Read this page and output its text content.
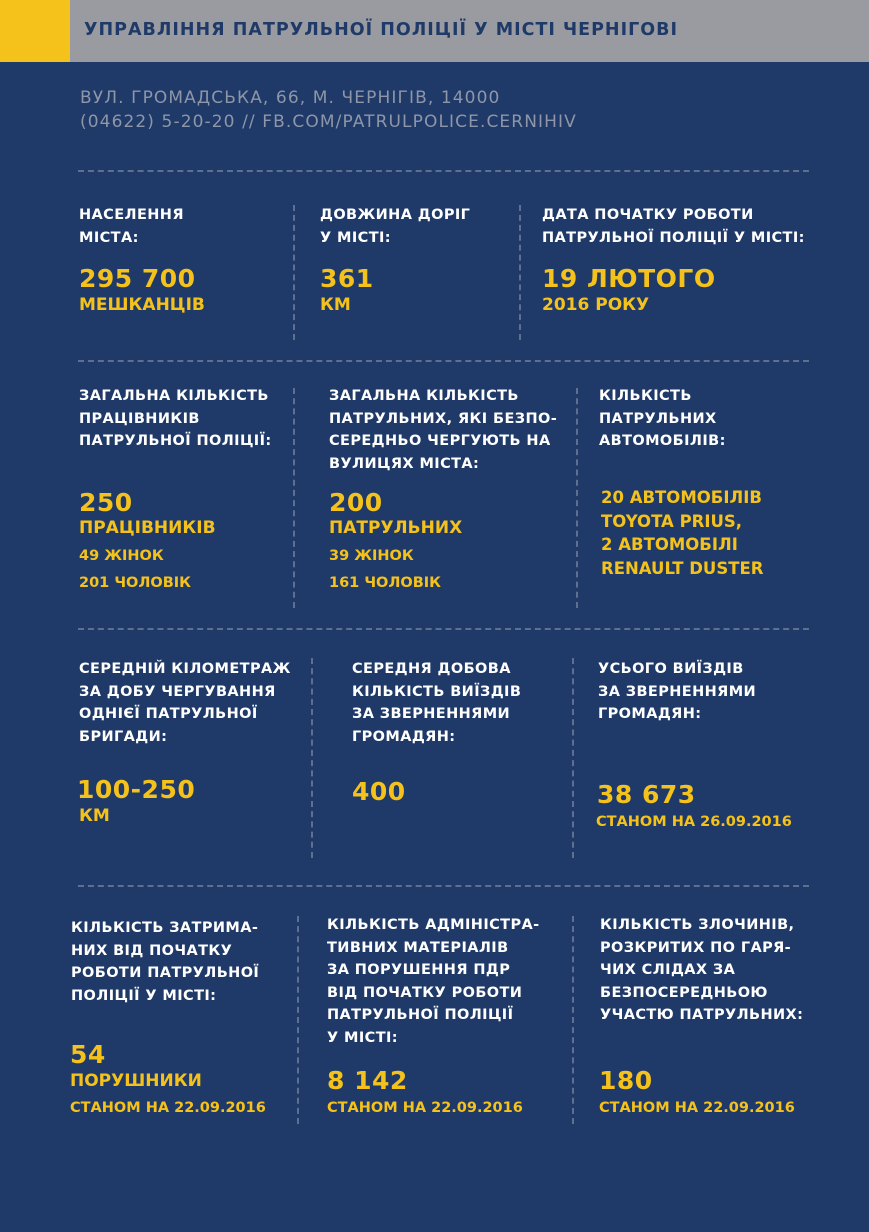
УПРАВЛІННЯ ПАТРУЛЬНОЇ ПОЛІЦІЇ У МІСТІ ЧЕРНІГОВІ
ВУЛ. ГРОМАДСЬКА, 66, М. ЧЕРНІГІВ, 14000
(04622) 5-20-20 // FB.COM/PATRULPOLICE.CERNIHIV
НАСЕЛЕННЯ
МІСТА:
295 700
МЕШКАНЦІВ
ДОВЖИНА ДОРІГ
У МІСТІ:
361
КМ
ДАТА ПОЧАТКУ РОБОТИ
ПАТРУЛЬНОЇ ПОЛІЦІЇ У МІСТІ:
19 ЛЮТОГО
2016 РОКУ
ЗАГАЛЬНА КІЛЬКІСТЬ
ПРАЦІВНИКІВ
ПАТРУЛЬНОЇ ПОЛІЦІЇ:
250
ПРАЦІВНИКІВ
49 ЖІНОК
201 ЧОЛОВІК
ЗАГАЛЬНА КІЛЬКІСТЬ
ПАТРУЛЬНИХ, ЯКІ БЕЗПО-
СЕРЕДНЬО ЧЕРГУЮТЬ НА
ВУЛИЦЯХ МІСТА:
200
ПАТРУЛЬНИХ
39 ЖІНОК
161 ЧОЛОВІК
КІЛЬКІСТЬ
ПАТРУЛЬНИХ
АВТОМОБІЛІВ:
20 АВТОМОБІЛІВ
TOYOTA PRIUS,
2 АВТОМОБІЛІ
RENAULT DUSTER
СЕРЕДНІЙ КІЛОМЕТРАЖ
ЗА ДОБУ ЧЕРГУВАННЯ
ОДНІЄЇ ПАТРУЛЬНОЇ
БРИГАДИ:
100-250
КМ
СЕРЕДНЯ ДОБОВА
КІЛЬКІСТЬ ВИЇЗДІВ
ЗА ЗВЕРНЕННЯМИ
ГРОМАДЯН:
400
УСЬОГО ВИЇЗДІВ
ЗА ЗВЕРНЕННЯМИ
ГРОМАДЯН:
38 673
СТАНОМ НА 26.09.2016
КІЛЬКІСТЬ ЗАТРИМА-
НИХ ВІД ПОЧАТКУ
РОБОТИ ПАТРУЛЬНОЇ
ПОЛІЦІЇ У МІСТІ:
54
ПОРУШНИКИ
СТАНОМ НА 22.09.2016
КІЛЬКІСТЬ АДМІНІСТРА-
ТИВНИХ МАТЕРІАЛІВ
ЗА ПОРУШЕННЯ ПДР
ВІД ПОЧАТКУ РОБОТИ
ПАТРУЛЬНОЇ ПОЛІЦІЇ
У МІСТІ:
8 142
СТАНОМ НА 22.09.2016
КІЛЬКІСТЬ ЗЛОЧИНІВ,
РОЗКРИТИХ ПО ГАРЯ-
ЧИХ СЛІДАХ ЗА
БЕЗПОСЕРЕДНЬОЮ
УЧАСТЮ ПАТРУЛЬНИХ:
180
СТАНОМ НА 22.09.2016
